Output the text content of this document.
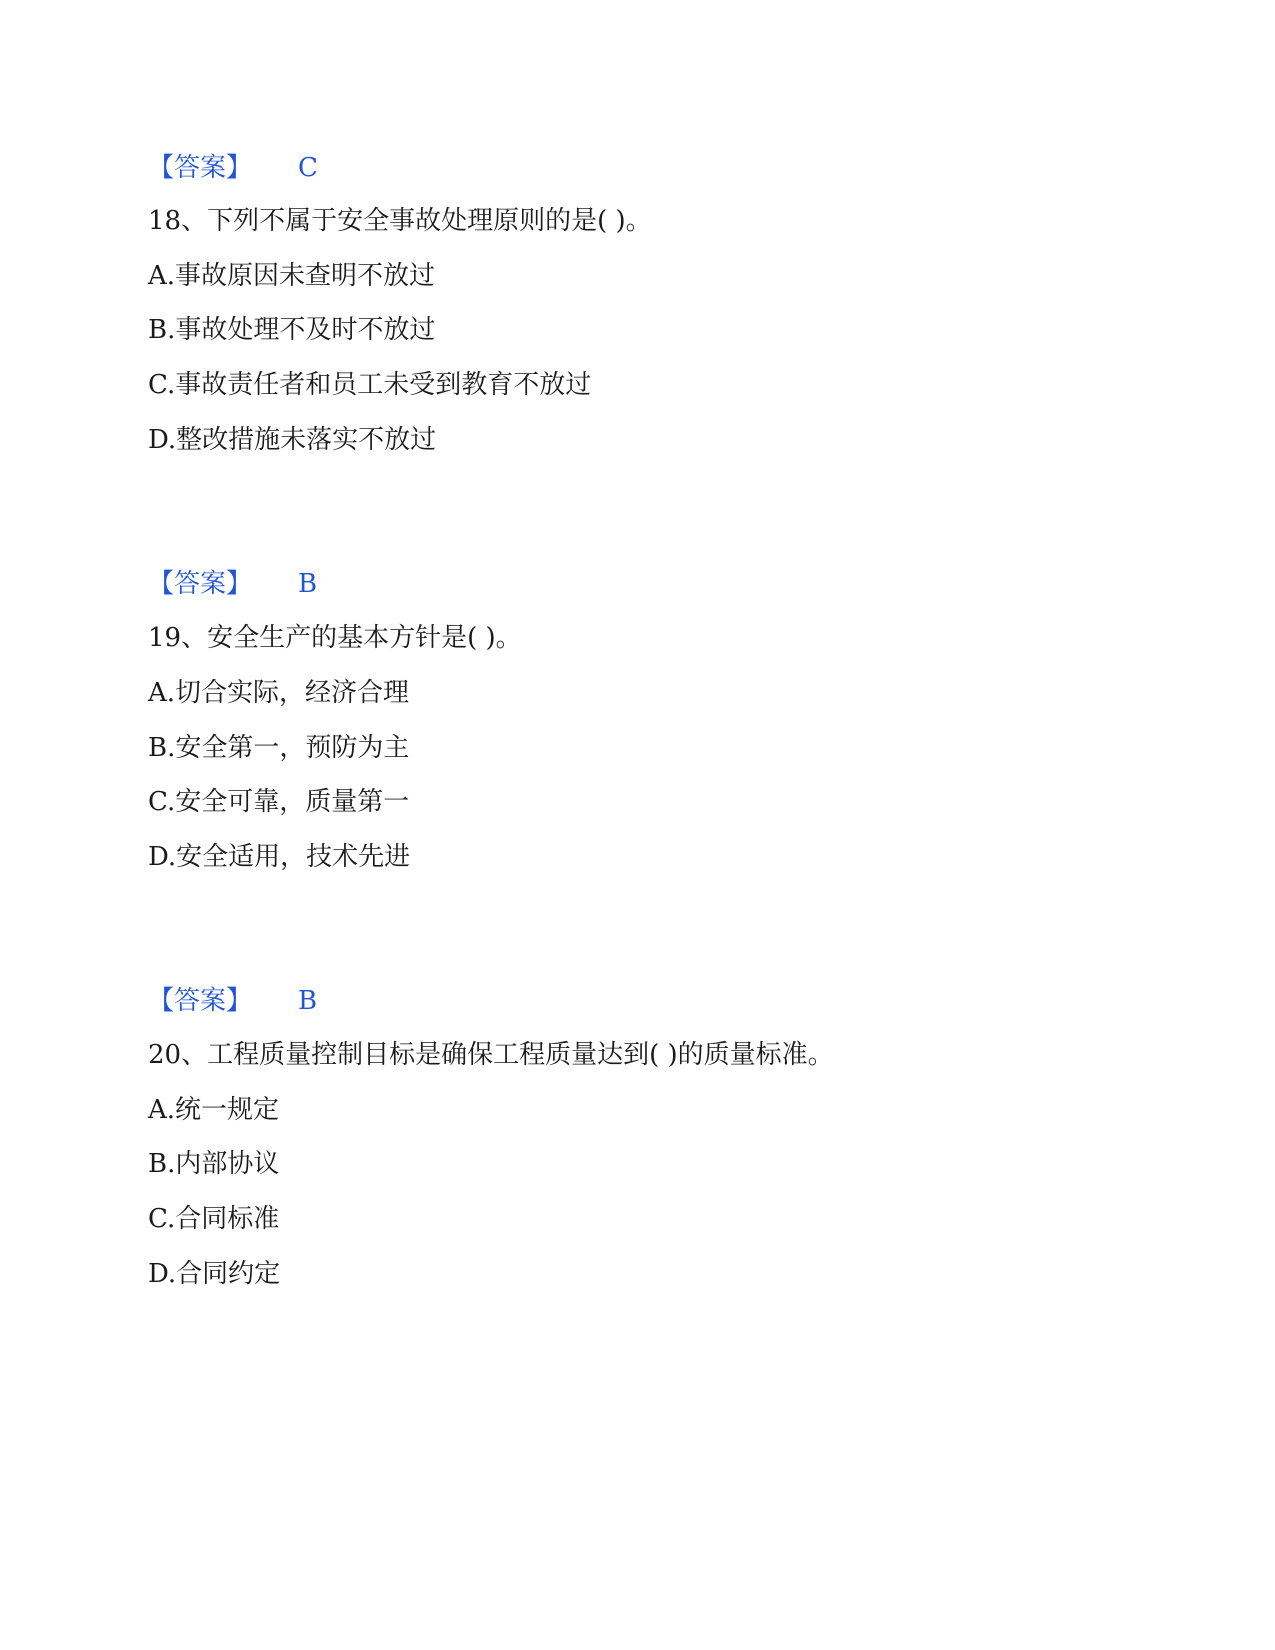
【答案】 C
18、下列不属于安全事故处理原则的是( )。
A.事故原因未查明不放过
B.事故处理不及时不放过
C.事故责任者和员工未受到教育不放过
D.整改措施未落实不放过
【答案】 B
19、安全生产的基本方针是( )。
A.切合实际，经济合理
B.安全第一，预防为主
C.安全可靠，质量第一
D.安全适用，技术先进
【答案】 B
20、工程质量控制目标是确保工程质量达到( )的质量标准。
A.统一规定
B.内部协议
C.合同标准
D.合同约定
